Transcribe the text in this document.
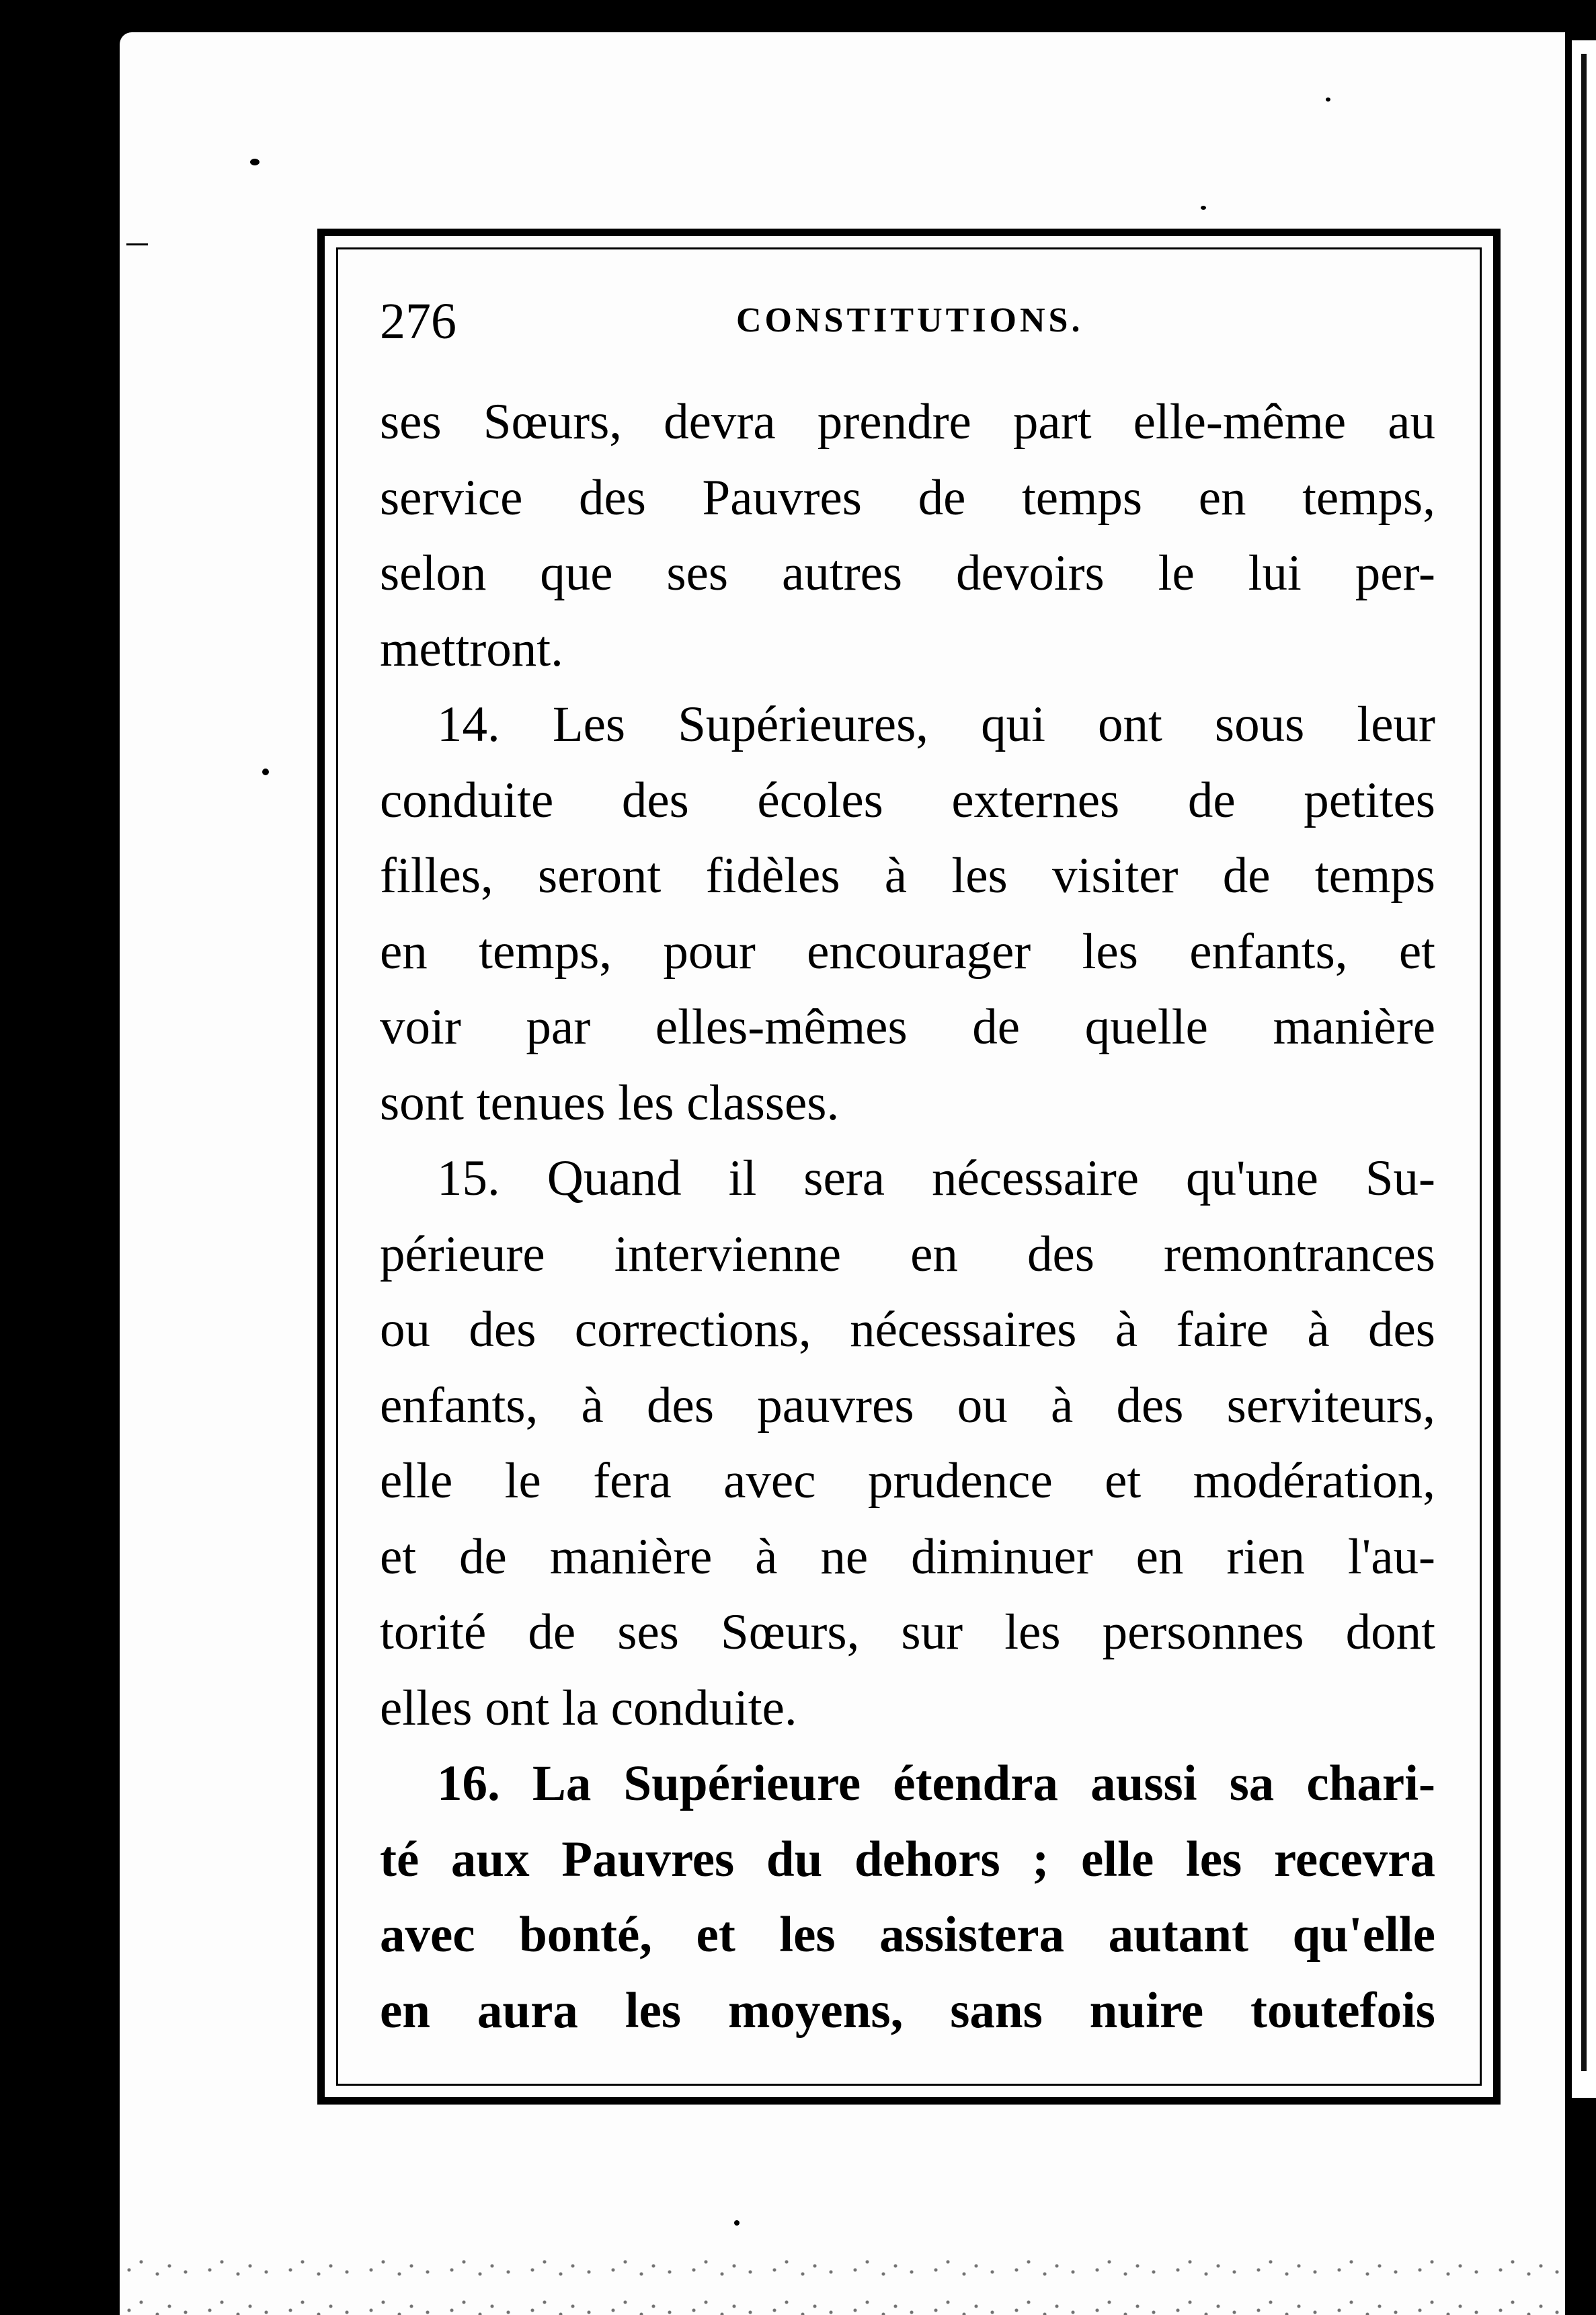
276	CONSTITUTIONS.
ses Sœurs, devra prendre part elle-même au
service des Pauvres de temps en temps,
selon que ses autres devoirs le lui per-
mettront.
14. Les Supérieures, qui ont sous leur
conduite des écoles externes de petites
filles, seront fidèles à les visiter de temps
en temps, pour encourager les enfants, et
voir par elles-mêmes de quelle manière
sont tenues les classes.
15. Quand il sera nécessaire qu'une Su-
périeure intervienne en des remontrances
ou des corrections, nécessaires à faire à des
enfants, à des pauvres ou à des serviteurs,
elle le fera avec prudence et modération,
et de manière à ne diminuer en rien l'au-
torité de ses Sœurs, sur les personnes dont
elles ont la conduite.
16. La Supérieure étendra aussi sa chari-
té aux Pauvres du dehors ; elle les recevra
avec bonté, et les assistera autant qu'elle
en aura les moyens, sans nuire toutefois
